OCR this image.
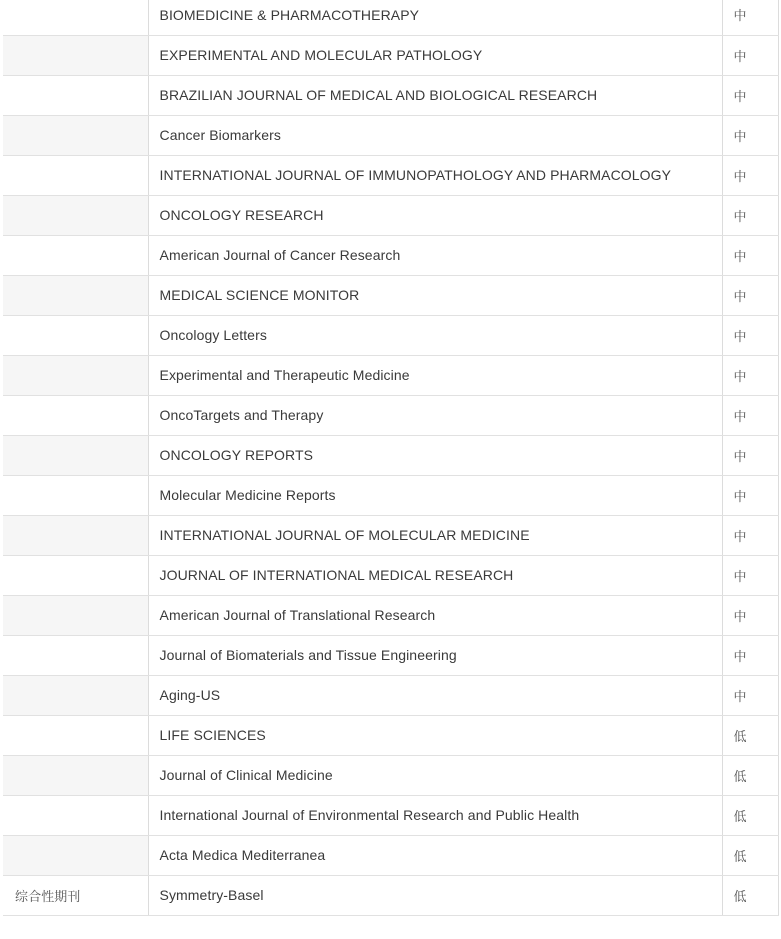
	BIOMEDICINE & PHARMACOTHERAPY	中
	EXPERIMENTAL AND MOLECULAR PATHOLOGY	中
	BRAZILIAN JOURNAL OF MEDICAL AND BIOLOGICAL RESEARCH	中
	Cancer Biomarkers	中
	INTERNATIONAL JOURNAL OF IMMUNOPATHOLOGY AND PHARMACOLOGY	中
	ONCOLOGY RESEARCH	中
	American Journal of Cancer Research	中
	MEDICAL SCIENCE MONITOR	中
	Oncology Letters	中
	Experimental and Therapeutic Medicine	中
	OncoTargets and Therapy	中
	ONCOLOGY REPORTS	中
	Molecular Medicine Reports	中
	INTERNATIONAL JOURNAL OF MOLECULAR MEDICINE	中
	JOURNAL OF INTERNATIONAL MEDICAL RESEARCH	中
	American Journal of Translational Research	中
	Journal of Biomaterials and Tissue Engineering	中
	Aging-US	中
	LIFE SCIENCES	低
	Journal of Clinical Medicine	低
	International Journal of Environmental Research and Public Health	低
	Acta Medica Mediterranea	低
综合性期刊	Symmetry-Basel	低
